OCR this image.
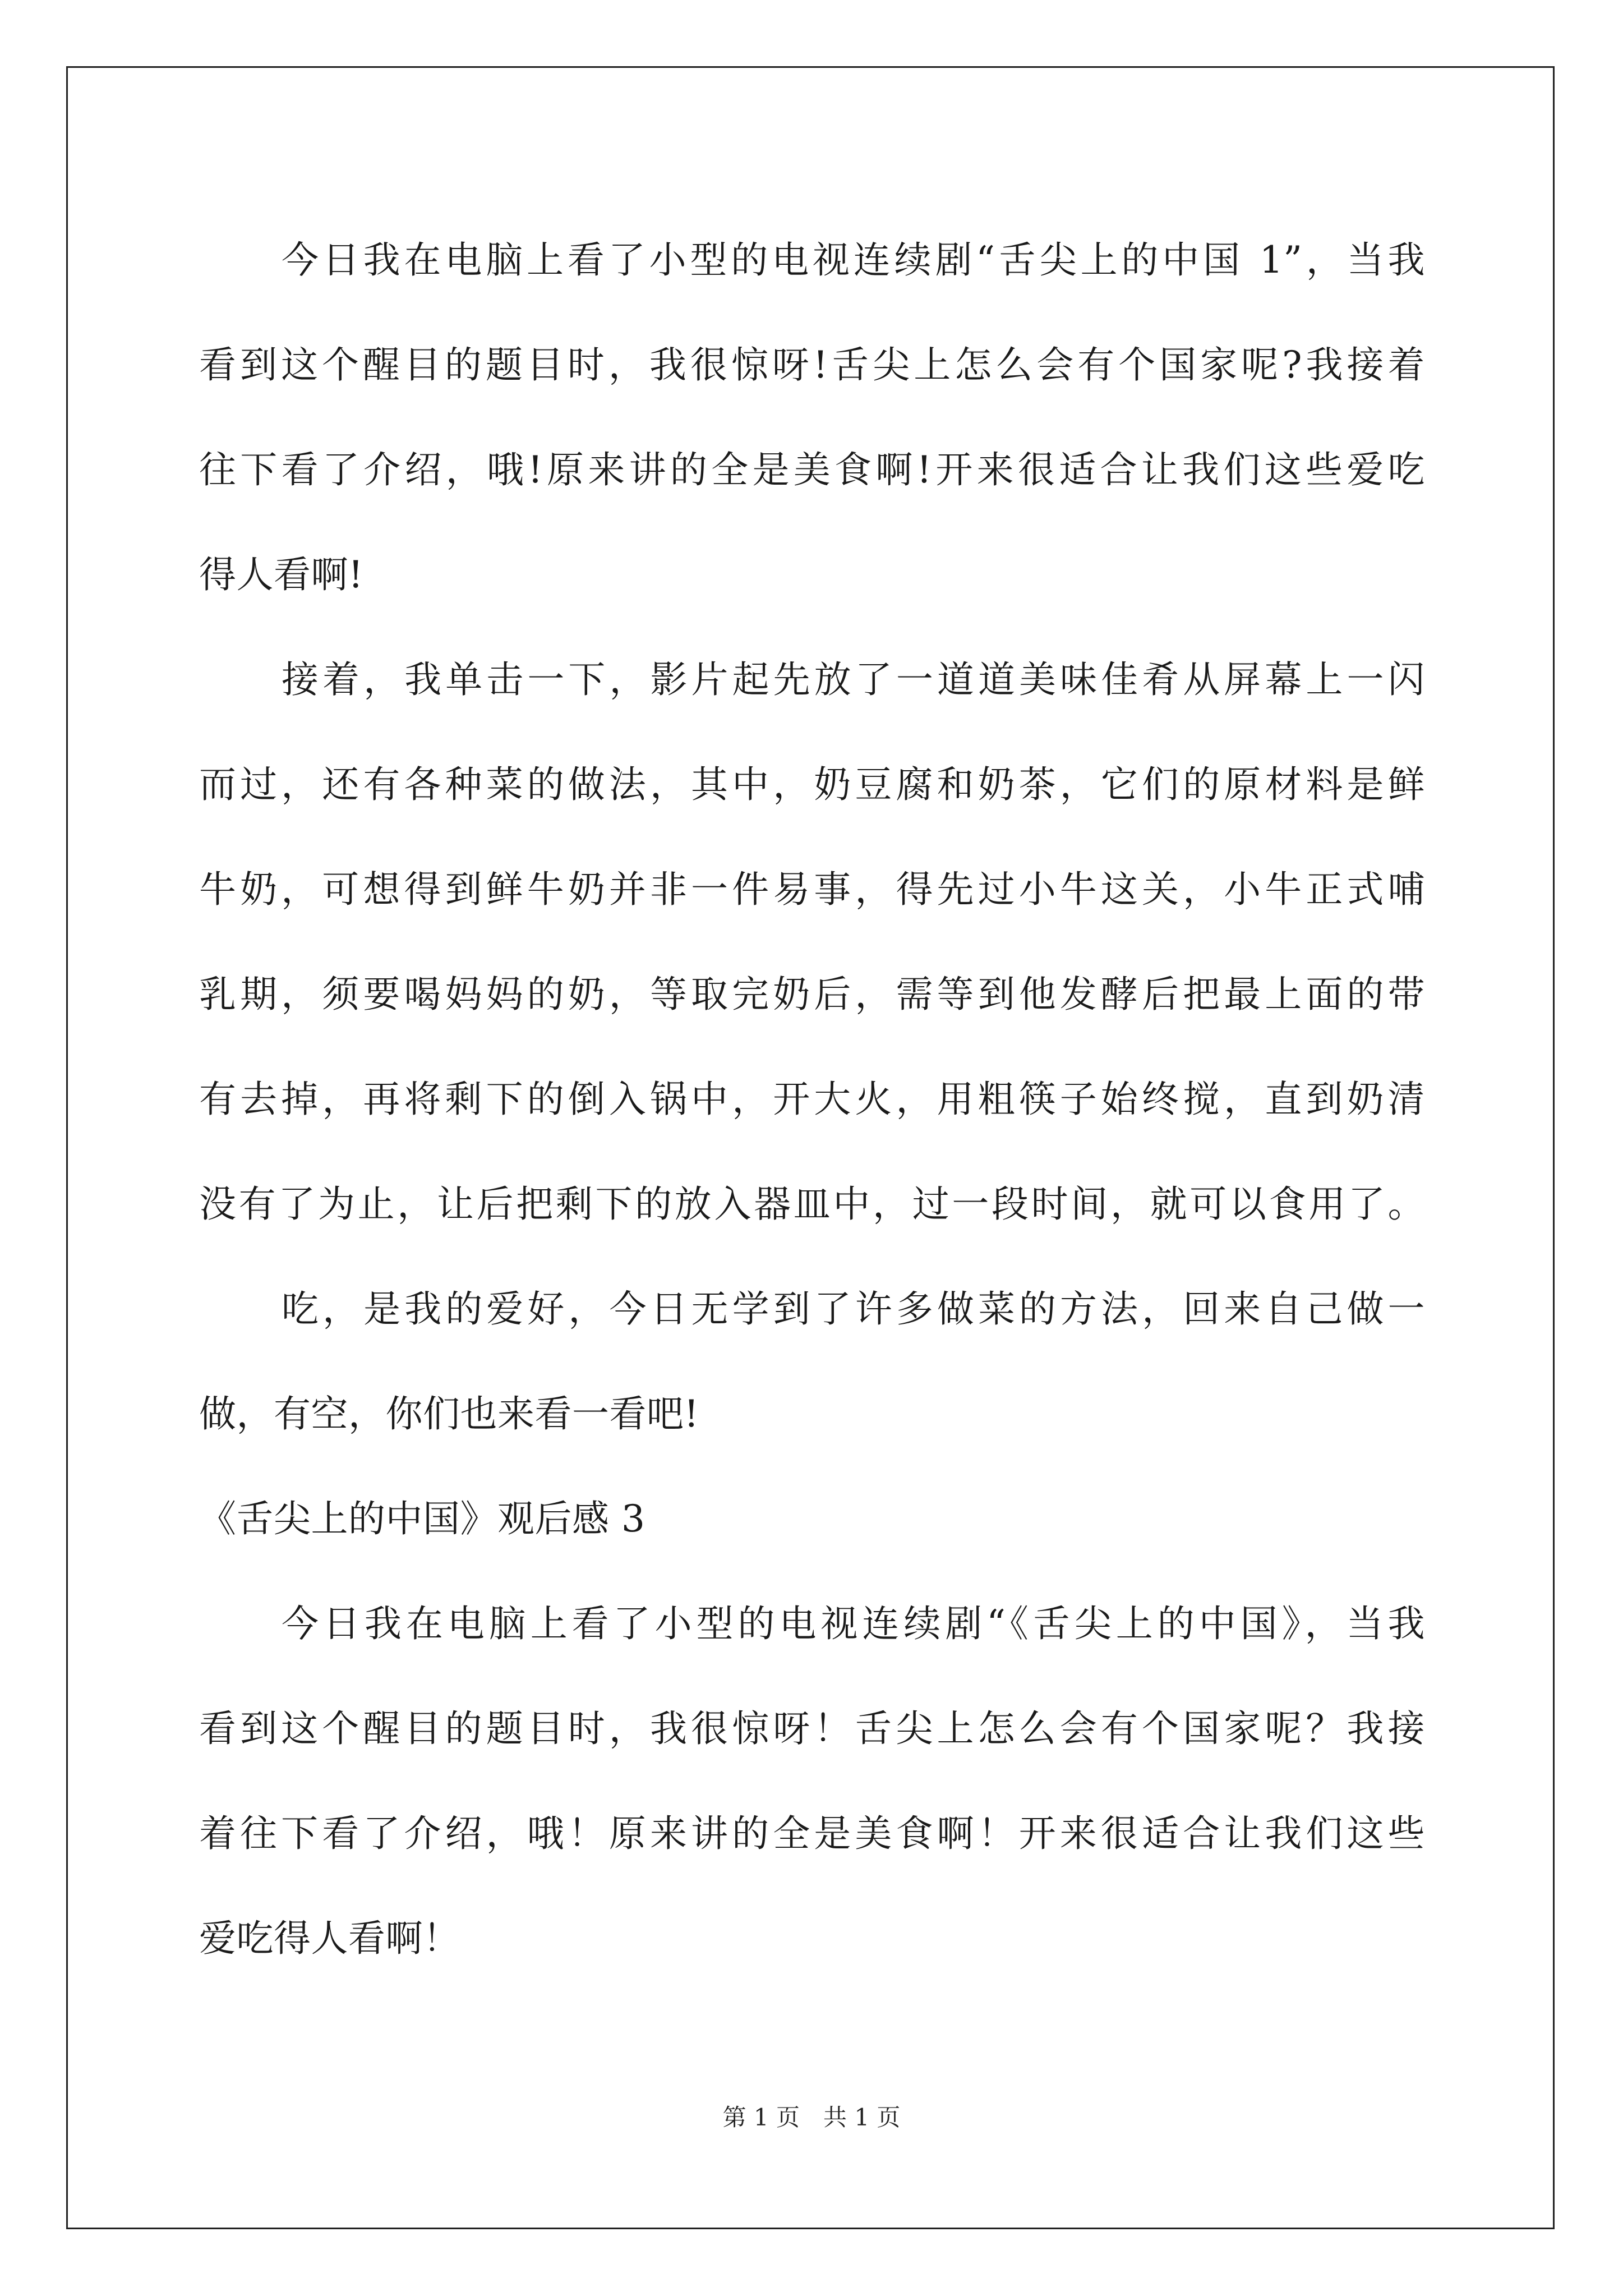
今日我在电脑上看了小型的电视连续剧“舌尖上的中国 1”，当我
看到这个醒目的题目时，我很惊呀!舌尖上怎么会有个国家呢?我接着
往下看了介绍，哦!原来讲的全是美食啊!开来很适合让我们这些爱吃
得人看啊!
接着，我单击一下，影片起先放了一道道美味佳肴从屏幕上一闪
而过，还有各种菜的做法，其中，奶豆腐和奶茶，它们的原材料是鲜
牛奶，可想得到鲜牛奶并非一件易事，得先过小牛这关，小牛正式哺
乳期，须要喝妈妈的奶，等取完奶后，需等到他发酵后把最上面的带
有去掉，再将剩下的倒入锅中，开大火，用粗筷子始终搅，直到奶清
没有了为止，让后把剩下的放入器皿中，过一段时间，就可以食用了。
吃，是我的爱好，今日无学到了许多做菜的方法，回来自己做一
做，有空，你们也来看一看吧!
《舌尖上的中国》观后感 3
今日我在电脑上看了小型的电视连续剧“《舌尖上的中国》，当我
看到这个醒目的题目时，我很惊呀！舌尖上怎么会有个国家呢？我接
着往下看了介绍，哦！原来讲的全是美食啊！开来很适合让我们这些
爱吃得人看啊！
第 1 页　共 1 页
